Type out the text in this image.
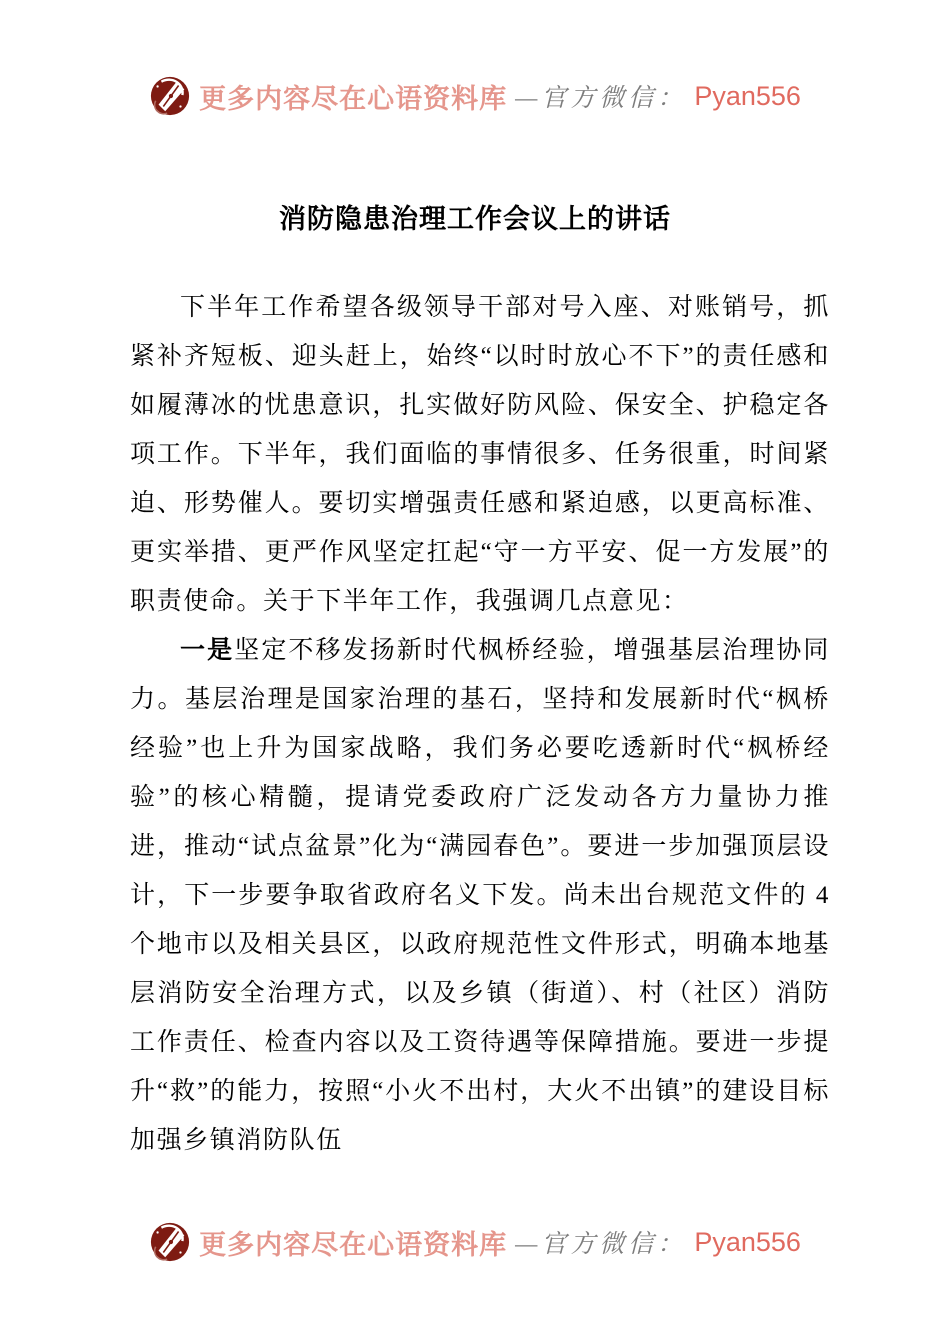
更多内容尽在心语资料库 —官方微信： Pyan556
消防隐患治理工作会议上的讲话

下半年工作希望各级领导干部对号入座、对账销号，抓紧补齐短板、迎头赶上，始终“以时时放心不下”的责任感和如履薄冰的忧患意识，扎实做好防风险、保安全、护稳定各项工作。下半年，我们面临的事情很多、任务很重，时间紧迫、形势催人。要切实增强责任感和紧迫感，以更高标准、更实举措、更严作风坚定扛起“守一方平安、促一方发展”的职责使命。关于下半年工作，我强调几点意见：

一是坚定不移发扬新时代枫桥经验，增强基层治理协同力。基层治理是国家治理的基石，坚持和发展新时代“枫桥经验”也上升为国家战略，我们务必要吃透新时代“枫桥经验”的核心精髓，提请党委政府广泛发动各方力量协力推进，推动“试点盆景”化为“满园春色”。要进一步加强顶层设计，下一步要争取省政府名义下发。尚未出台规范文件的 4 个地市以及相关县区，以政府规范性文件形式，明确本地基层消防安全治理方式，以及乡镇（街道）、村（社区）消防工作责任、检查内容以及工资待遇等保障措施。要进一步提升“救”的能力，按照“小火不出村，大火不出镇”的建设目标加强乡镇消防队伍

更多内容尽在心语资料库 —官方微信： Pyan556
